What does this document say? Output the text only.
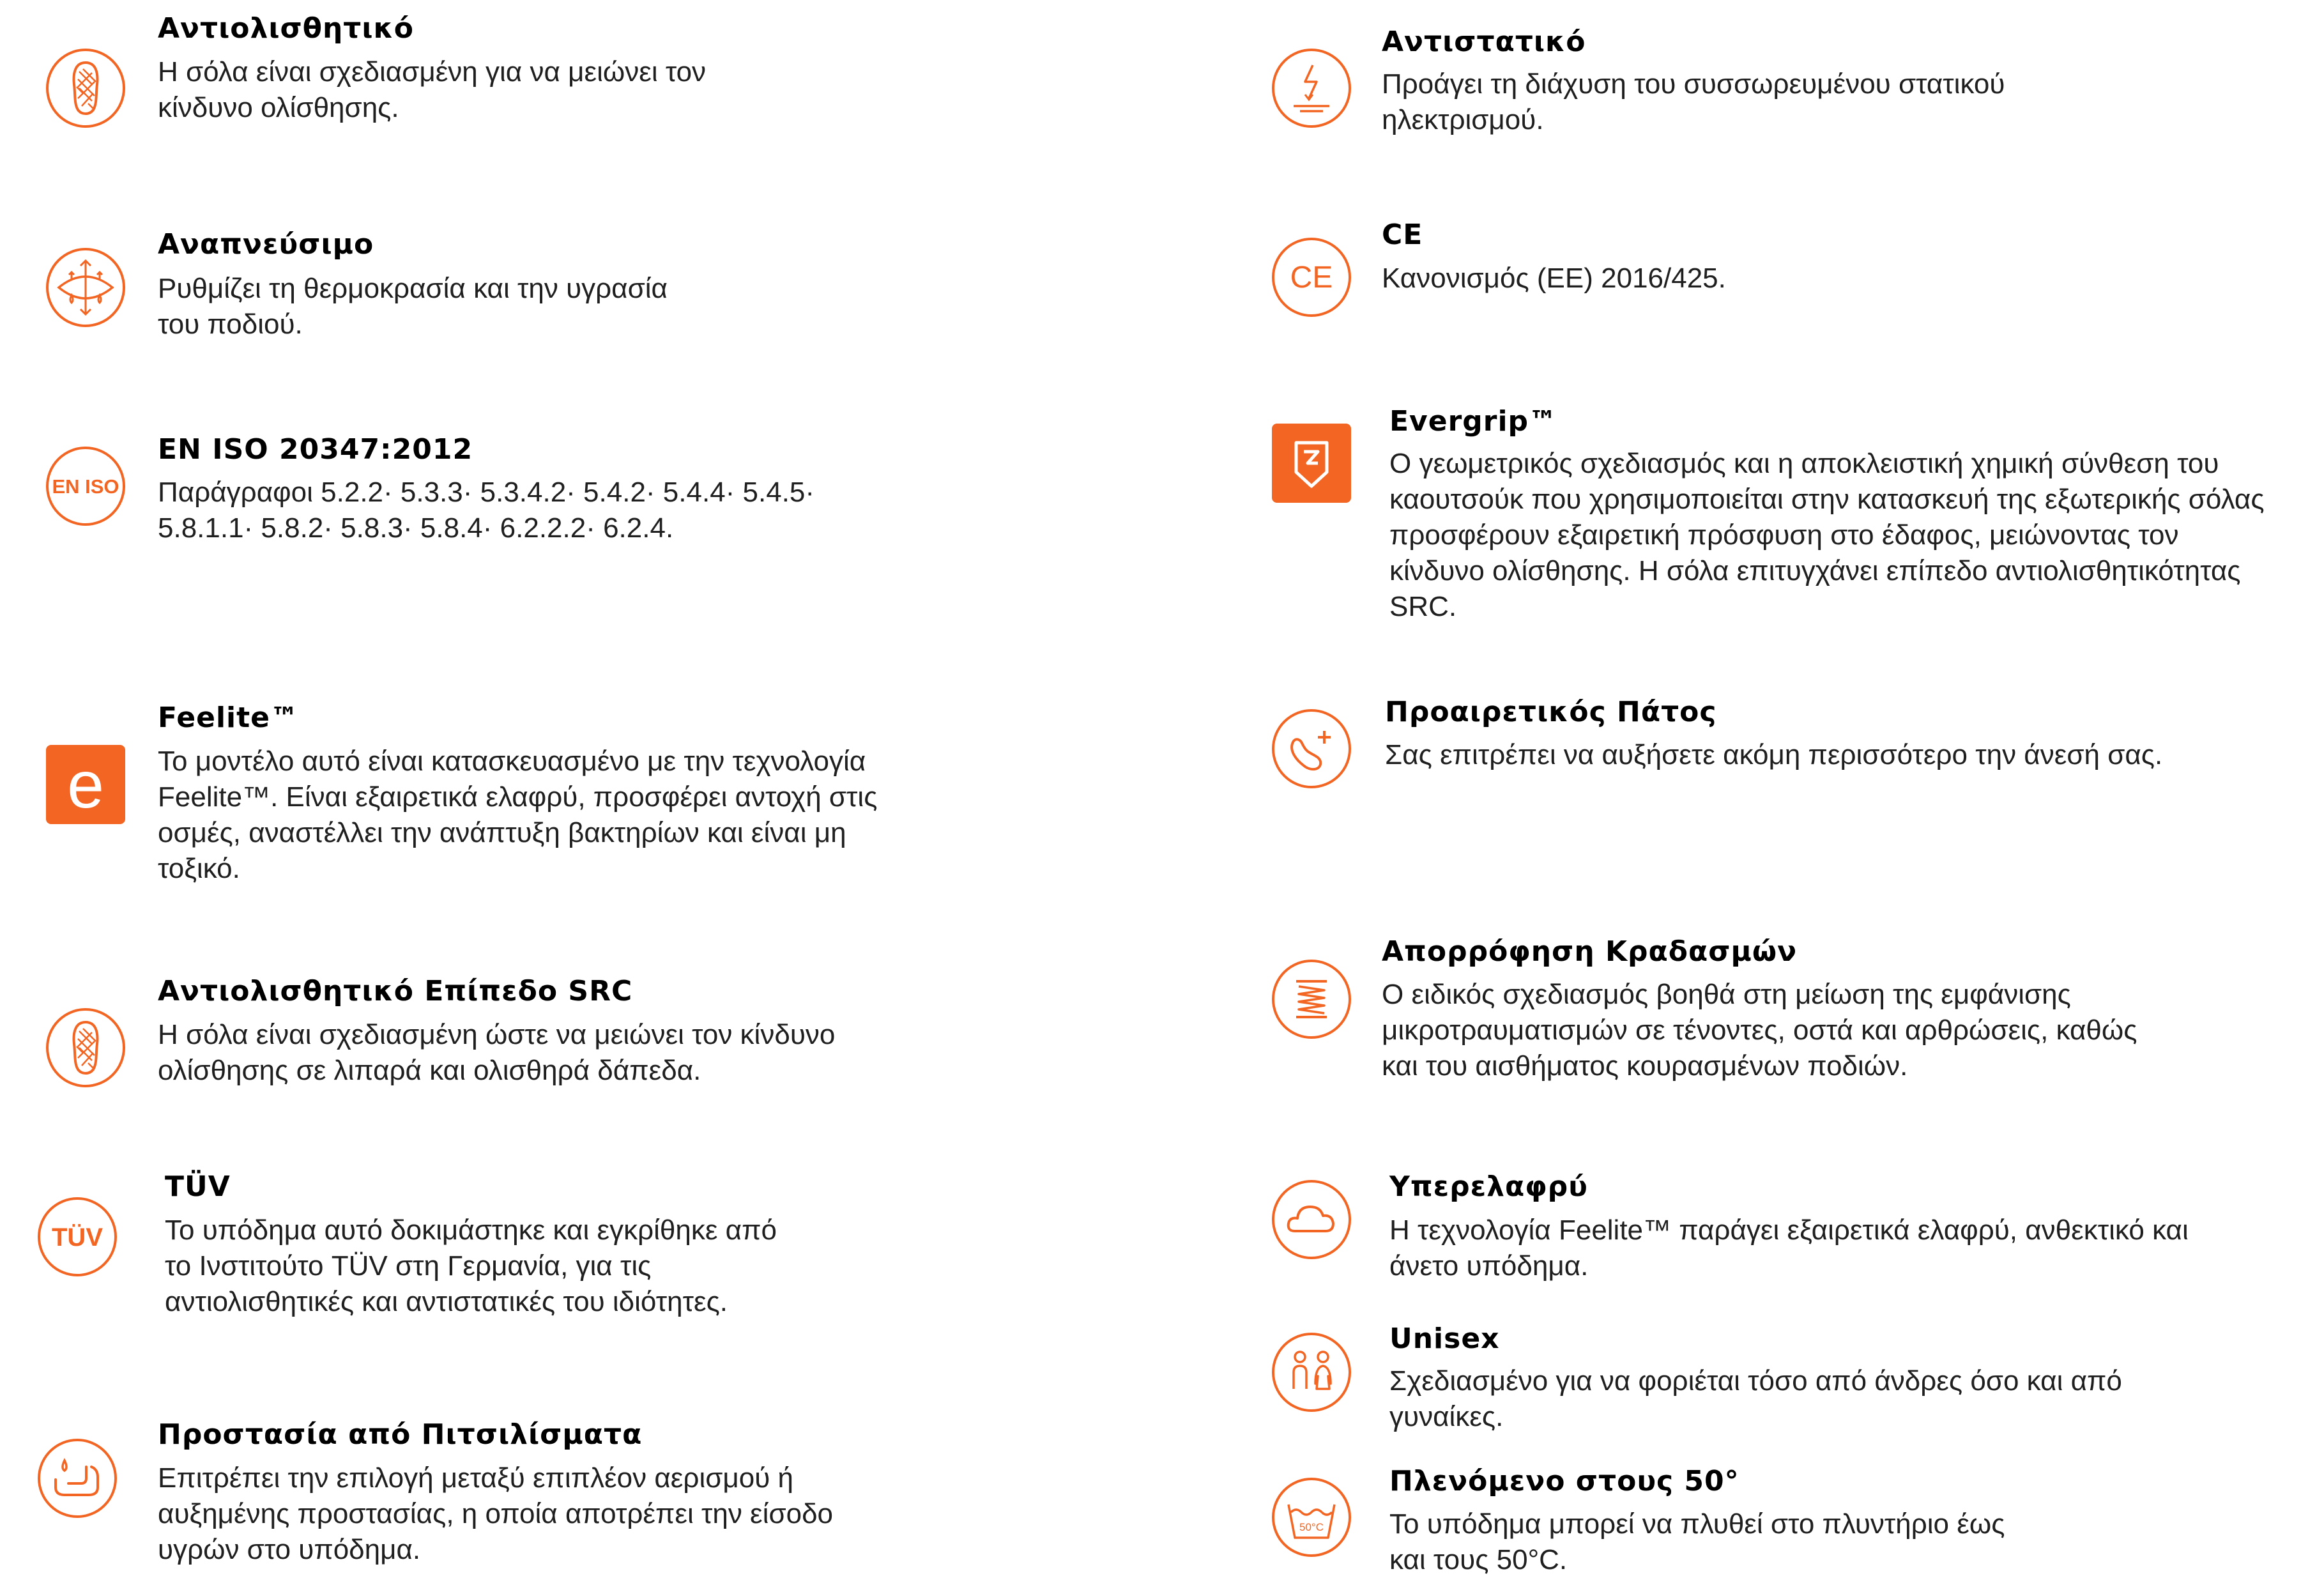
Αντιολισθητικό
Η σόλα είναι σχεδιασμένη για να μειώνει τον
κίνδυνο ολίσθησης.
Αναπνεύσιμο
Ρυθμίζει τη θερμοκρασία και την υγρασία
του ποδιού.
EN ISO
EN ISO 20347:2012
Παράγραφοι 5.2.2· 5.3.3· 5.3.4.2· 5.4.2· 5.4.4· 5.4.5·
5.8.1.1· 5.8.2· 5.8.3· 5.8.4· 6.2.2.2· 6.2.4.
e
Feelite™
Το μοντέλο αυτό είναι κατασκευασμένο με την τεχνολογία
Feelite™. Είναι εξαιρετικά ελαφρύ, προσφέρει αντοχή στις
οσμές, αναστέλλει την ανάπτυξη βακτηρίων και είναι μη
τοξικό.
Αντιολισθητικό Επίπεδο SRC
Η σόλα είναι σχεδιασμένη ώστε να μειώνει τον κίνδυνο
ολίσθησης σε λιπαρά και ολισθηρά δάπεδα.
TÜV
TÜV
Το υπόδημα αυτό δοκιμάστηκε και εγκρίθηκε από
το Ινστιτούτο TÜV στη Γερμανία, για τις
αντιολισθητικές και αντιστατικές του ιδιότητες.
Προστασία από Πιτσιλίσματα
Επιτρέπει την επιλογή μεταξύ επιπλέον αερισμού ή
αυξημένης προστασίας, η οποία αποτρέπει την είσοδο
υγρών στο υπόδημα.
Αντιστατικό
Προάγει τη διάχυση του συσσωρευμένου στατικού
ηλεκτρισμού.
CE
CE
Κανονισμός (ΕΕ) 2016/425.
Evergrip™
Ο γεωμετρικός σχεδιασμός και η αποκλειστική χημική σύνθεση του
καουτσούκ που χρησιμοποιείται στην κατασκευή της εξωτερικής σόλας
προσφέρουν εξαιρετική πρόσφυση στο έδαφος, μειώνοντας τον
κίνδυνο ολίσθησης. Η σόλα επιτυγχάνει επίπεδο αντιολισθητικότητας
SRC.
Προαιρετικός Πάτος
Σας επιτρέπει να αυξήσετε ακόμη περισσότερο την άνεσή σας.
Απορρόφηση Κραδασμών
Ο ειδικός σχεδιασμός βοηθά στη μείωση της εμφάνισης
μικροτραυματισμών σε τένοντες, οστά και αρθρώσεις, καθώς
και του αισθήματος κουρασμένων ποδιών.
Υπερελαφρύ
Η τεχνολογία Feelite™ παράγει εξαιρετικά ελαφρύ, ανθεκτικό και
άνετο υπόδημα.
Unisex
Σχεδιασμένο για να φοριέται τόσο από άνδρες όσο και από
γυναίκες.
50°C
Πλενόμενο στους 50°
Το υπόδημα μπορεί να πλυθεί στο πλυντήριο έως
και τους 50°C.
